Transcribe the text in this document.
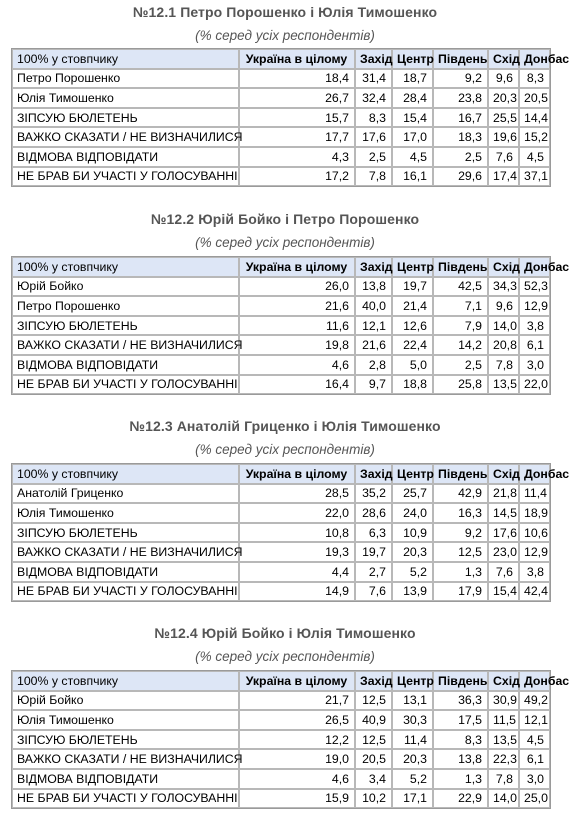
№12.1 Петро Порошенко і Юлія Тимошенко
(% серед усіх респондентів)
№12.2 Юрій Бойко і Петро Порошенко
(% серед усіх респондентів)
№12.3 Анатолій Гриценко і Юлія Тимошенко
(% серед усіх респондентів)
№12.4 Юрій Бойко і Юлія Тимошенко
(% серед усіх респондентів)
100% у стовпчику	Україна в цілому	Захід	Центр	Південь	Схід	Донбас
Петро Порошенко	18,4	31,4	18,7	9,2	9,6	8,3
Юлія Тимошенко	26,7	32,4	28,4	23,8	20,3	20,5
ЗІПСУЮ БЮЛЕТЕНЬ	15,7	8,3	15,4	16,7	25,5	14,4
ВАЖКО СКАЗАТИ / НЕ ВИЗНАЧИЛИСЯ	17,7	17,6	17,0	18,3	19,6	15,2
ВІДМОВА ВІДПОВІДАТИ	4,3	2,5	4,5	2,5	7,6	4,5
НЕ БРАВ БИ УЧАСТІ У ГОЛОСУВАННІ	17,2	7,8	16,1	29,6	17,4	37,1
100% у стовпчику	Україна в цілому	Захід	Центр	Південь	Схід	Донбас
Юрій Бойко	26,0	13,8	19,7	42,5	34,3	52,3
Петро Порошенко	21,6	40,0	21,4	7,1	9,6	12,9
ЗІПСУЮ БЮЛЕТЕНЬ	11,6	12,1	12,6	7,9	14,0	3,8
ВАЖКО СКАЗАТИ / НЕ ВИЗНАЧИЛИСЯ	19,8	21,6	22,4	14,2	20,8	6,1
ВІДМОВА ВІДПОВІДАТИ	4,6	2,8	5,0	2,5	7,8	3,0
НЕ БРАВ БИ УЧАСТІ У ГОЛОСУВАННІ	16,4	9,7	18,8	25,8	13,5	22,0
100% у стовпчику	Україна в цілому	Захід	Центр	Південь	Схід	Донбас
Анатолій Гриценко	28,5	35,2	25,7	42,9	21,8	11,4
Юлія Тимошенко	22,0	28,6	24,0	16,3	14,5	18,9
ЗІПСУЮ БЮЛЕТЕНЬ	10,8	6,3	10,9	9,2	17,6	10,6
ВАЖКО СКАЗАТИ / НЕ ВИЗНАЧИЛИСЯ	19,3	19,7	20,3	12,5	23,0	12,9
ВІДМОВА ВІДПОВІДАТИ	4,4	2,7	5,2	1,3	7,6	3,8
НЕ БРАВ БИ УЧАСТІ У ГОЛОСУВАННІ	14,9	7,6	13,9	17,9	15,4	42,4
100% у стовпчику	Україна в цілому	Захід	Центр	Південь	Схід	Донбас
Юрій Бойко	21,7	12,5	13,1	36,3	30,9	49,2
Юлія Тимошенко	26,5	40,9	30,3	17,5	11,5	12,1
ЗІПСУЮ БЮЛЕТЕНЬ	12,2	12,5	11,4	8,3	13,5	4,5
ВАЖКО СКАЗАТИ / НЕ ВИЗНАЧИЛИСЯ	19,0	20,5	20,3	13,8	22,3	6,1
ВІДМОВА ВІДПОВІДАТИ	4,6	3,4	5,2	1,3	7,8	3,0
НЕ БРАВ БИ УЧАСТІ У ГОЛОСУВАННІ	15,9	10,2	17,1	22,9	14,0	25,0
